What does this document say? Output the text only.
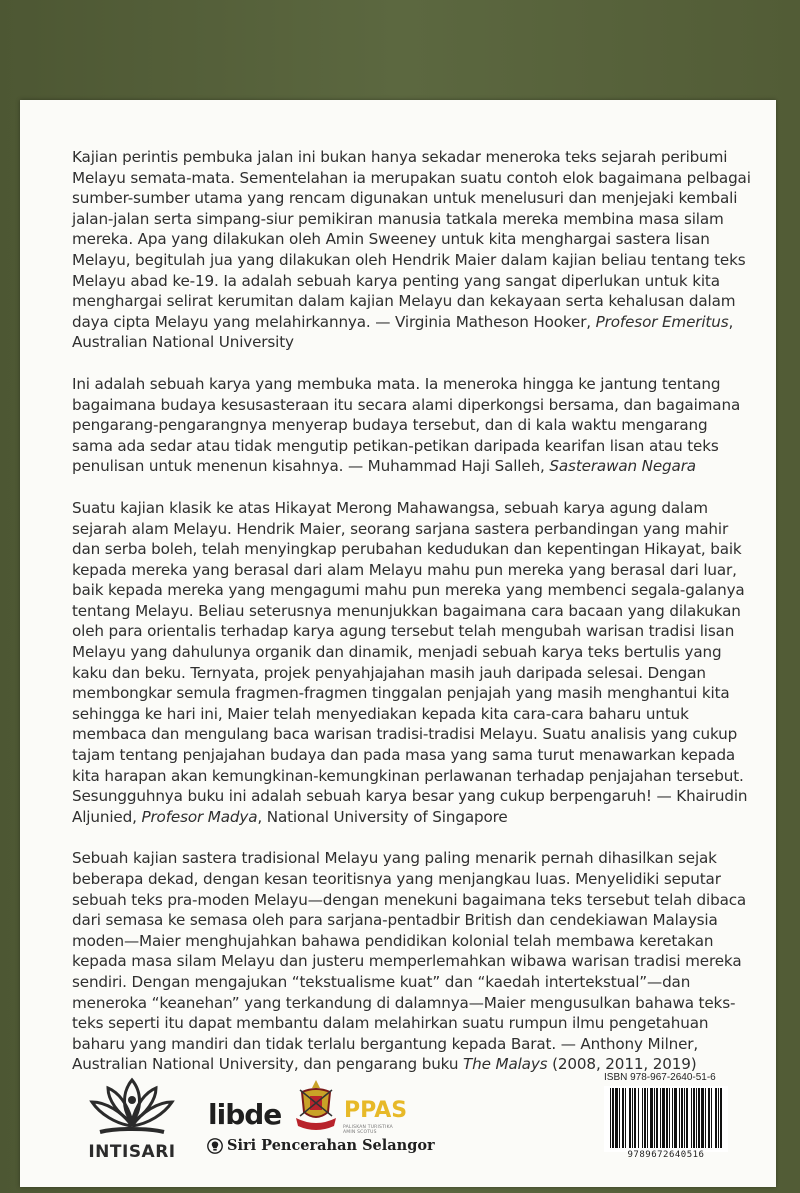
Kajian perintis pembuka jalan ini bukan hanya sekadar meneroka teks sejarah peribumi Melayu semata-mata. Sementelahan ia merupakan suatu contoh elok bagaimana pelbagai sumber-sumber utama yang rencam digunakan untuk menelusuri dan menjejaki kembali jalan-jalan serta simpang-siur pemikiran manusia tatkala mereka membina masa silam mereka. Apa yang dilakukan oleh Amin Sweeney untuk kita menghargai sastera lisan Melayu, begitulah jua yang dilakukan oleh Hendrik Maier dalam kajian beliau tentang teks Melayu abad ke-19. Ia adalah sebuah karya penting yang sangat diperlukan untuk kita menghargai selirat kerumitan dalam kajian Melayu dan kekayaan serta kehalusan dalam daya cipta Melayu yang melahirkannya. — Virginia Matheson Hooker, Profesor Emeritus, Australian National University

Ini adalah sebuah karya yang membuka mata. Ia meneroka hingga ke jantung tentang bagaimana budaya kesusasteraan itu secara alami diperkongsi bersama, dan bagaimana pengarang-pengarangnya menyerap budaya tersebut, dan di kala waktu mengarang sama ada sedar atau tidak mengutip petikan-petikan daripada kearifan lisan atau teks penulisan untuk menenun kisahnya. — Muhammad Haji Salleh, Sasterawan Negara

Suatu kajian klasik ke atas Hikayat Merong Mahawangsa, sebuah karya agung dalam sejarah alam Melayu. Hendrik Maier, seorang sarjana sastera perbandingan yang mahir dan serba boleh, telah menyingkap perubahan kedudukan dan kepentingan Hikayat, baik kepada mereka yang berasal dari alam Melayu mahu pun mereka yang berasal dari luar, baik kepada mereka yang mengagumi mahu pun mereka yang membenci segala-galanya tentang Melayu. Beliau seterusnya menunjukkan bagaimana cara bacaan yang dilakukan oleh para orientalis terhadap karya agung tersebut telah mengubah warisan tradisi lisan Melayu yang dahulunya organik dan dinamik, menjadi sebuah karya teks bertulis yang kaku dan beku. Ternyata, projek penyahjajahan masih jauh daripada selesai. Dengan membongkar semula fragmen-fragmen tinggalan penjajah yang masih menghantui kita sehingga ke hari ini, Maier telah menyediakan kepada kita cara-cara baharu untuk membaca dan mengulang baca warisan tradisi-tradisi Melayu. Suatu analisis yang cukup tajam tentang penjajahan budaya dan pada masa yang sama turut menawarkan kepada kita harapan akan kemungkinan-kemungkinan perlawanan terhadap penjajahan tersebut. Sesungguhnya buku ini adalah sebuah karya besar yang cukup berpengaruh! — Khairudin Aljunied, Profesor Madya, National University of Singapore

Sebuah kajian sastera tradisional Melayu yang paling menarik pernah dihasilkan sejak beberapa dekad, dengan kesan teoritisnya yang menjangkau luas. Menyelidiki seputar sebuah teks pra-moden Melayu—dengan menekuni bagaimana teks tersebut telah dibaca dari semasa ke semasa oleh para sarjana-pentadbir British dan cendekiawan Malaysia moden—Maier menghujahkan bahawa pendidikan kolonial telah membawa keretakan kepada masa silam Melayu dan justeru memperlemahkan wibawa warisan tradisi mereka sendiri. Dengan mengajukan “tekstualisme kuat” dan “kaedah intertekstual”—dan meneroka “keanehan” yang terkandung di dalamnya—Maier mengusulkan bahawa teks-teks seperti itu dapat membantu dalam melahirkan suatu rumpun ilmu pengetahuan baharu yang mandiri dan tidak terlalu bergantung kepada Barat. — Anthony Milner, Australian National University, dan pengarang buku The Malays (2008, 2011, 2019)

INTISARI
libde	PPAS
PALISKAN TURISTIKA AMIN SCOTUS
Siri Pencerahan Selangor
ISBN 978-967-2640-51-6
9789672640516
